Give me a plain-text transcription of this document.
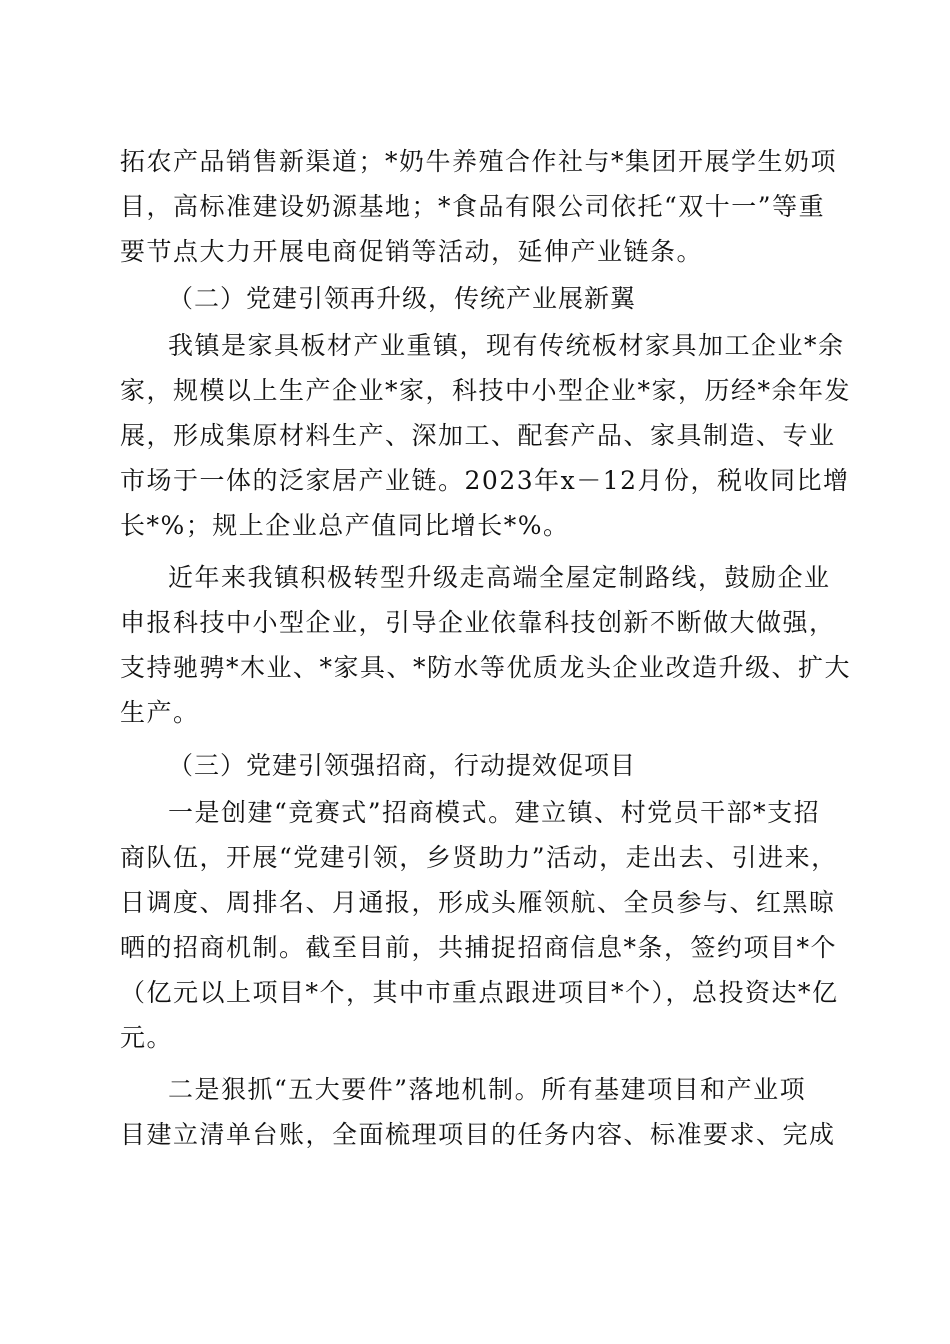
拓农产品销售新渠道；*奶牛养殖合作社与*集团开展学生奶项
目，高标准建设奶源基地；*食品有限公司依托“双十一”等重
要节点大力开展电商促销等活动，延伸产业链条。
（二）党建引领再升级，传统产业展新翼
我镇是家具板材产业重镇，现有传统板材家具加工企业*余
家，规模以上生产企业*家，科技中小型企业*家，历经*余年发
展，形成集原材料生产、深加工、配套产品、家具制造、专业
市场于一体的泛家居产业链。2023年x－12月份，税收同比增
长*%；规上企业总产值同比增长*%。
近年来我镇积极转型升级走高端全屋定制路线，鼓励企业
申报科技中小型企业，引导企业依靠科技创新不断做大做强，
支持驰骋*木业、*家具、*防水等优质龙头企业改造升级、扩大
生产。
（三）党建引领强招商，行动提效促项目
一是创建“竞赛式”招商模式。建立镇、村党员干部*支招
商队伍，开展“党建引领，乡贤助力”活动，走出去、引进来，
日调度、周排名、月通报，形成头雁领航、全员参与、红黑晾
晒的招商机制。截至目前，共捕捉招商信息*条，签约项目*个
（亿元以上项目*个，其中市重点跟进项目*个），总投资达*亿
元。
二是狠抓“五大要件”落地机制。所有基建项目和产业项
目建立清单台账，全面梳理项目的任务内容、标准要求、完成
